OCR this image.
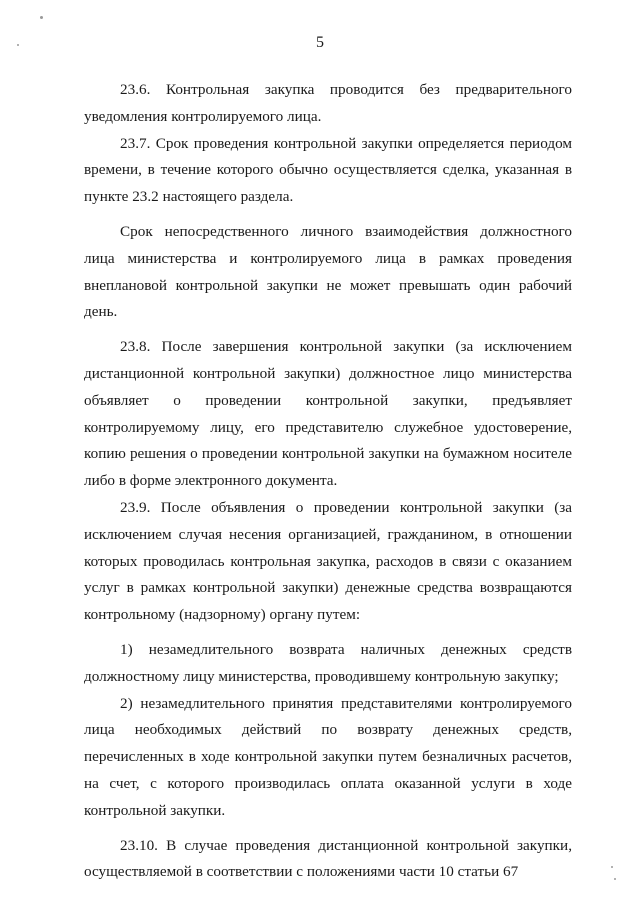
5

23.6. Контрольная закупка проводится без предварительного уведомления контролируемого лица.

23.7. Срок проведения контрольной закупки определяется периодом времени, в течение которого обычно осуществляется сделка, указанная в пункте 23.2 настоящего раздела.

Срок непосредственного личного взаимодействия должностного лица министерства и контролируемого лица в рамках проведения внеплановой контрольной закупки не может превышать один рабочий день.

23.8. После завершения контрольной закупки (за исключением дистанционной контрольной закупки) должностное лицо министерства объявляет о проведении контрольной закупки, предъявляет контролируемому лицу, его представителю служебное удостоверение, копию решения о проведении контрольной закупки на бумажном носителе либо в форме электронного документа.

23.9. После объявления о проведении контрольной закупки (за исключением случая несения организацией, гражданином, в отношении которых проводилась контрольная закупка, расходов в связи с оказанием услуг в рамках контрольной закупки) денежные средства возвращаются контрольному (надзорному) органу путем:

1) незамедлительного возврата наличных денежных средств должностному лицу министерства, проводившему контрольную закупку;

2) незамедлительного принятия представителями контролируемого лица необходимых действий по возврату денежных средств, перечисленных в ходе контрольной закупки путем безналичных расчетов, на счет, с которого производилась оплата оказанной услуги в ходе контрольной закупки.

23.10. В случае проведения дистанционной контрольной закупки, осуществляемой в соответствии с положениями части 10 статьи 67
